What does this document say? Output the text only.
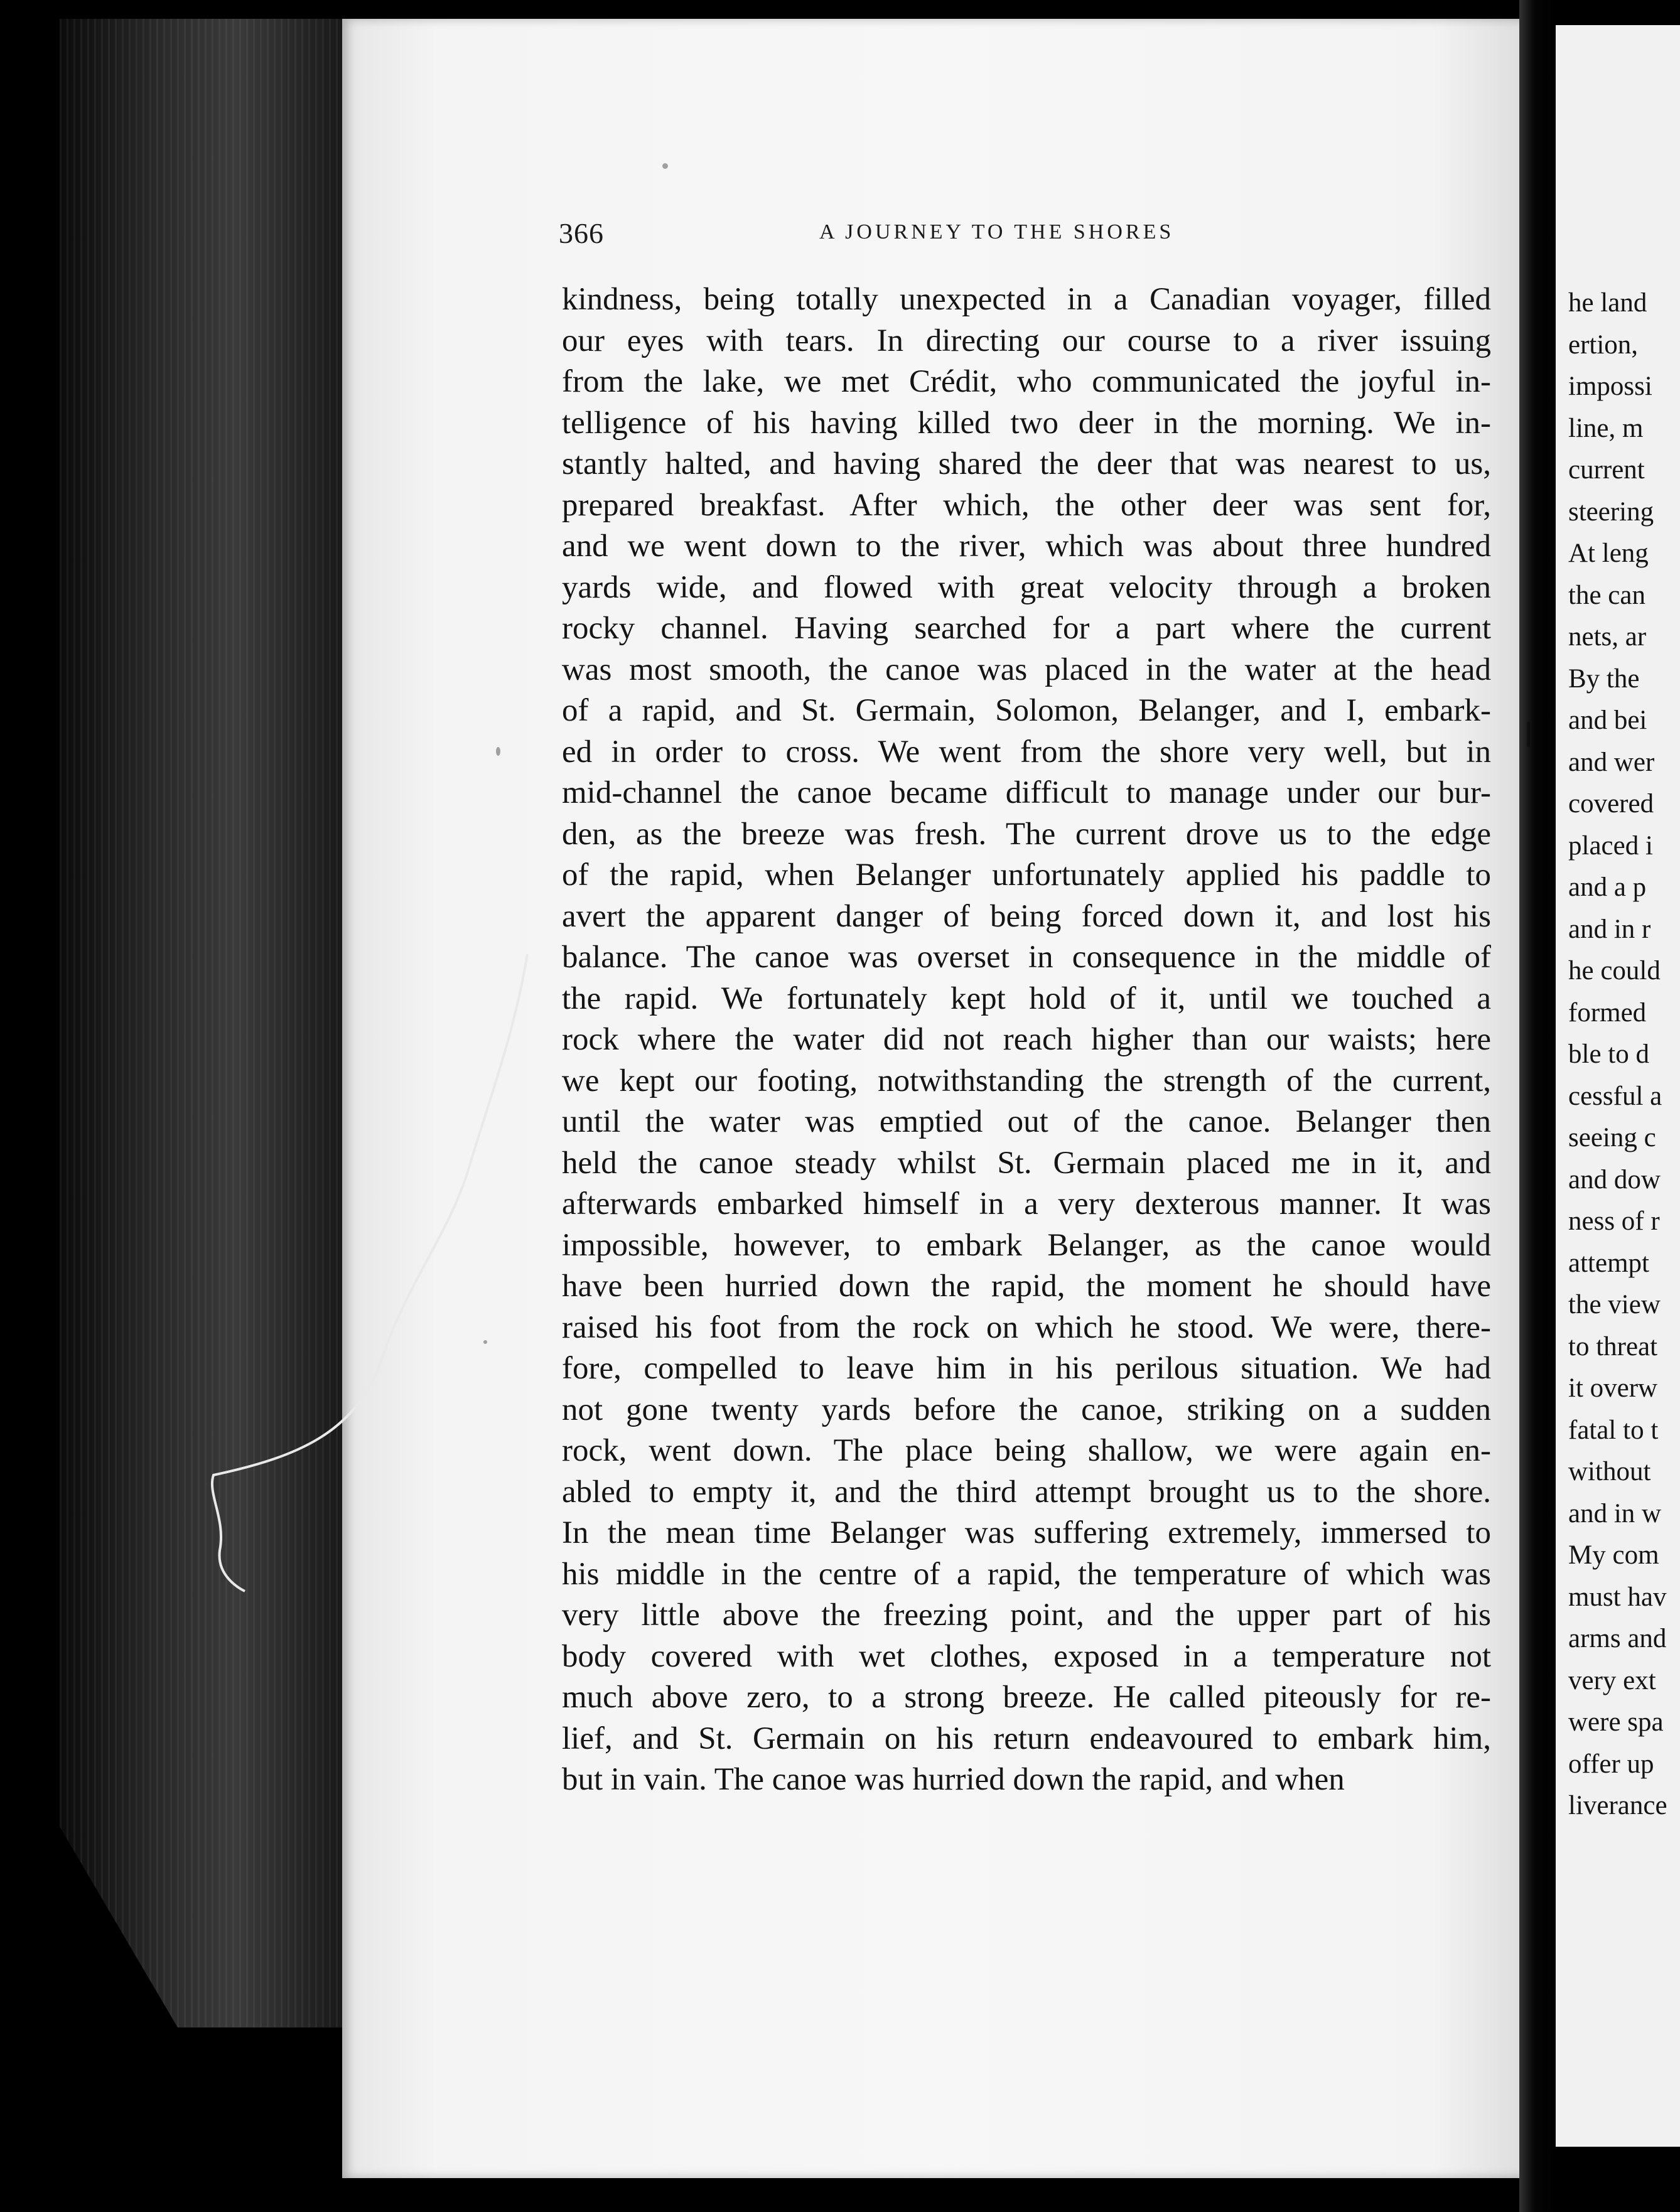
he land
ertion,
impossi
line, m
current
steering
At leng
the can
nets, ar
By the
and bei
and wer
covered
placed i
and a p
and in r
he could
formed
ble to d
cessful a
seeing c
and dow
ness of r
attempt
the view
to threat
it overw
fatal to t
without
and in w
My com
must hav
arms and
very ext
were spa
offer up
liverance
366	A JOURNEY TO THE SHORES
kindness, being totally unexpected in a Canadian voyager, filled
our eyes with tears. In directing our course to a river issuing
from the lake, we met Crédit, who communicated the joyful in-
telligence of his having killed two deer in the morning. We in-
stantly halted, and having shared the deer that was nearest to us,
prepared breakfast. After which, the other deer was sent for,
and we went down to the river, which was about three hundred
yards wide, and flowed with great velocity through a broken
rocky channel. Having searched for a part where the current
was most smooth, the canoe was placed in the water at the head
of a rapid, and St. Germain, Solomon, Belanger, and I, embark-
ed in order to cross. We went from the shore very well, but in
mid-channel the canoe became difficult to manage under our bur-
den, as the breeze was fresh. The current drove us to the edge
of the rapid, when Belanger unfortunately applied his paddle to
avert the apparent danger of being forced down it, and lost his
balance. The canoe was overset in consequence in the middle of
the rapid. We fortunately kept hold of it, until we touched a
rock where the water did not reach higher than our waists; here
we kept our footing, notwithstanding the strength of the current,
until the water was emptied out of the canoe. Belanger then
held the canoe steady whilst St. Germain placed me in it, and
afterwards embarked himself in a very dexterous manner. It was
impossible, however, to embark Belanger, as the canoe would
have been hurried down the rapid, the moment he should have
raised his foot from the rock on which he stood. We were, there-
fore, compelled to leave him in his perilous situation. We had
not gone twenty yards before the canoe, striking on a sudden
rock, went down. The place being shallow, we were again en-
abled to empty it, and the third attempt brought us to the shore.
In the mean time Belanger was suffering extremely, immersed to
his middle in the centre of a rapid, the temperature of which was
very little above the freezing point, and the upper part of his
body covered with wet clothes, exposed in a temperature not
much above zero, to a strong breeze. He called piteously for re-
lief, and St. Germain on his return endeavoured to embark him,
but in vain. The canoe was hurried down the rapid, and when
